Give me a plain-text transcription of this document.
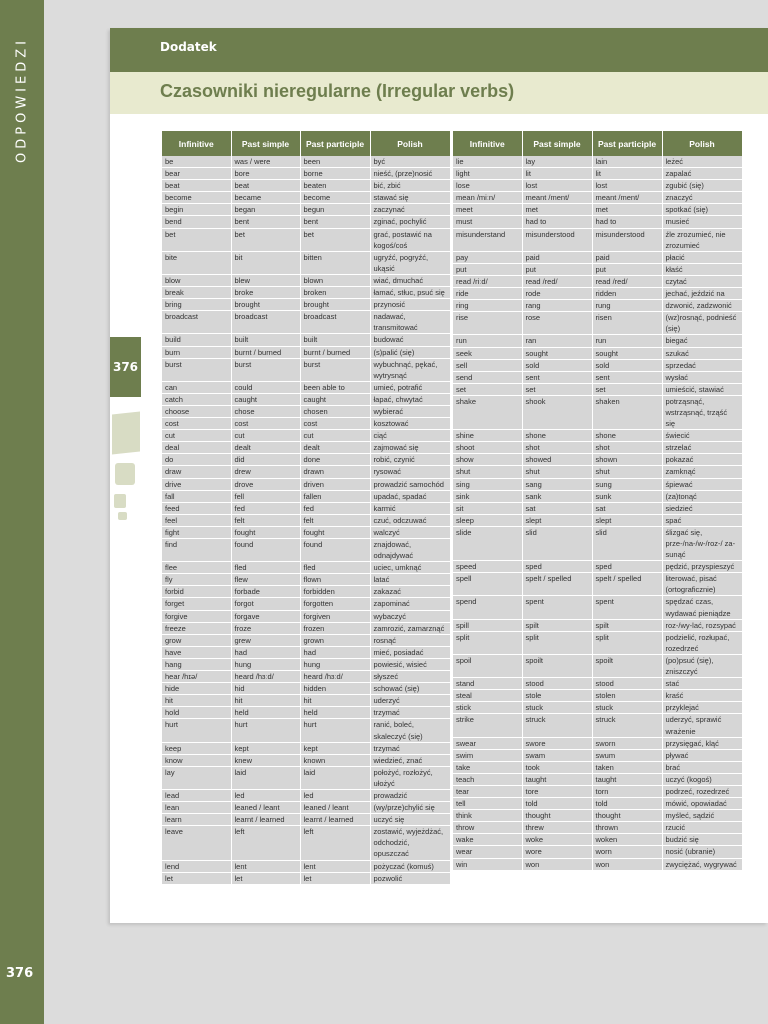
ODPOWIEDZI
376
376
Dodatek
Czasowniki nieregularne (Irregular verbs)
Infinitive	Past simple	Past participle	Polish
be	was / were	been	być
bear	bore	borne	nieść, (prze)nosić
beat	beat	beaten	bić, zbić
become	became	become	stawać się
begin	began	begun	zaczynać
bend	bent	bent	zginać, pochylić
bet	bet	bet	grać, postawić na kogoś/coś
bite	bit	bitten	ugryźć, pogryźć, ukąsić
blow	blew	blown	wiać, dmuchać
break	broke	broken	łamać, stłuc, psuć się
bring	brought	brought	przynosić
broadcast	broadcast	broadcast	nadawać, transmitować
build	built	built	budować
burn	burnt / burned	burnt / burned	(s)palić (się)
burst	burst	burst	wybuchnąć, pękać, wytrysnąć
can	could	been able to	umieć, potrafić
catch	caught	caught	łapać, chwytać
choose	chose	chosen	wybierać
cost	cost	cost	kosztować
cut	cut	cut	ciąć
deal	dealt	dealt	zajmować się
do	did	done	robić, czynić
draw	drew	drawn	rysować
drive	drove	driven	prowadzić samochód
fall	fell	fallen	upadać, spadać
feed	fed	fed	karmić
feel	felt	felt	czuć, odczuwać
fight	fought	fought	walczyć
find	found	found	znajdować, odnajdywać
flee	fled	fled	uciec, umknąć
fly	flew	flown	latać
forbid	forbade	forbidden	zakazać
forget	forgot	forgotten	zapominać
forgive	forgave	forgiven	wybaczyć
freeze	froze	frozen	zamrozić, zamarznąć
grow	grew	grown	rosnąć
have	had	had	mieć, posiadać
hang	hung	hung	powiesić, wisieć
hear /hɪə/	heard /hɜːd/	heard /hɜːd/	słyszeć
hide	hid	hidden	schować (się)
hit	hit	hit	uderzyć
hold	held	held	trzymać
hurt	hurt	hurt	ranić, boleć, skaleczyć (się)
keep	kept	kept	trzymać
know	knew	known	wiedzieć, znać
lay	laid	laid	położyć, rozłożyć, ułożyć
lead	led	led	prowadzić
lean	leaned / leant	leaned / leant	(wy/prze)chylić się
learn	learnt / learned	learnt / learned	uczyć się
leave	left	left	zostawić, wyjeżdżać, odchodzić, opuszczać
lend	lent	lent	pożyczać (komuś)
let	let	let	pozwolić
Infinitive	Past simple	Past participle	Polish
lie	lay	lain	leżeć
light	lit	lit	zapalać
lose	lost	lost	zgubić (się)
mean /miːn/	meant /ment/	meant /ment/	znaczyć
meet	met	met	spotkać (się)
must	had to	had to	musieć
misunderstand	misunderstood	misunderstood	źle zrozumieć, nie zrozumieć
pay	paid	paid	płacić
put	put	put	kłaść
read /riːd/	read /red/	read /red/	czytać
ride	rode	ridden	jechać, jeździć na
ring	rang	rung	dzwonić, zadzwonić
rise	rose	risen	(wz)rosnąć, podnieść (się)
run	ran	run	biegać
seek	sought	sought	szukać
sell	sold	sold	sprzedać
send	sent	sent	wysłać
set	set	set	umieścić, stawiać
shake	shook	shaken	potrząsnąć, wstrząsnąć, trząść się
shine	shone	shone	świecić
shoot	shot	shot	strzelać
show	showed	shown	pokazać
shut	shut	shut	zamknąć
sing	sang	sung	śpiewać
sink	sank	sunk	(za)tonąć
sit	sat	sat	siedzieć
sleep	slept	slept	spać
slide	slid	slid	ślizgać się, prze-/na-/w-/roz-/ za-sunąć
speed	sped	sped	pędzić, przyspieszyć
spell	spelt / spelled	spelt / spelled	literować, pisać (ortograficznie)
spend	spent	spent	spędzać czas, wydawać pieniądze
spill	spilt	spilt	roz-/wy-lać, rozsypać
split	split	split	podzielić, rozłupać, rozedrzeć
spoil	spoilt	spoilt	(po)psuć (się), zniszczyć
stand	stood	stood	stać
steal	stole	stolen	kraść
stick	stuck	stuck	przyklejać
strike	struck	struck	uderzyć, sprawić wrażenie
swear	swore	sworn	przysięgać, kląć
swim	swam	swum	pływać
take	took	taken	brać
teach	taught	taught	uczyć (kogoś)
tear	tore	torn	podrzeć, rozedrzeć
tell	told	told	mówić, opowiadać
think	thought	thought	myśleć, sądzić
throw	threw	thrown	rzucić
wake	woke	woken	budzić się
wear	wore	worn	nosić (ubranie)
win	won	won	zwyciężać, wygrywać
